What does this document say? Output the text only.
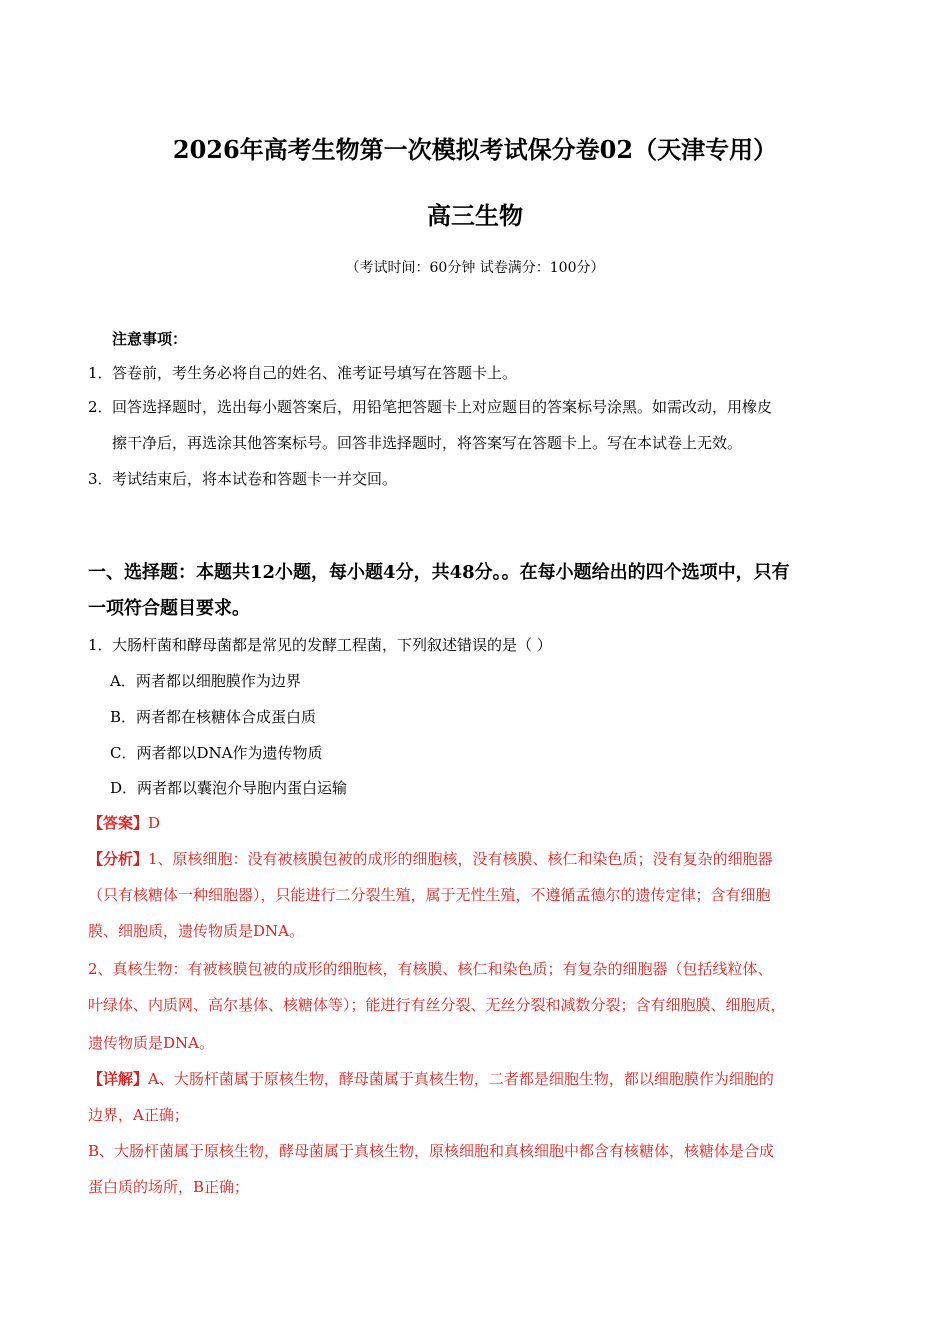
2026年高考生物第一次模拟考试保分卷02（天津专用）
高三生物
（考试时间：60分钟 试卷满分：100分）
注意事项：
1．答卷前，考生务必将自己的姓名、准考证号填写在答题卡上。
2．回答选择题时，选出每小题答案后，用铅笔把答题卡上对应题目的答案标号涂黑。如需改动，用橡皮
擦干净后，再选涂其他答案标号。回答非选择题时，将答案写在答题卡上。写在本试卷上无效。
3．考试结束后，将本试卷和答题卡一并交回。
一、选择题：本题共12小题，每小题4分，共48分。。在每小题给出的四个选项中，只有
一项符合题目要求。
1．大肠杆菌和酵母菌都是常见的发酵工程菌，下列叙述错误的是（ ）
A．两者都以细胞膜作为边界
B．两者都在核糖体合成蛋白质
C．两者都以DNA作为遗传物质
D．两者都以囊泡介导胞内蛋白运输
【答案】D
【分析】1、原核细胞：没有被核膜包被的成形的细胞核，没有核膜、核仁和染色质；没有复杂的细胞器
（只有核糖体一种细胞器），只能进行二分裂生殖，属于无性生殖，不遵循孟德尔的遗传定律；含有细胞
膜、细胞质，遗传物质是DNA。
2、真核生物：有被核膜包被的成形的细胞核，有核膜、核仁和染色质；有复杂的细胞器（包括线粒体、
叶绿体、内质网、高尔基体、核糖体等）；能进行有丝分裂、无丝分裂和减数分裂；含有细胞膜、细胞质，
遗传物质是DNA。
【详解】A、大肠杆菌属于原核生物，酵母菌属于真核生物，二者都是细胞生物，都以细胞膜作为细胞的
边界，A正确；
B、大肠杆菌属于原核生物，酵母菌属于真核生物，原核细胞和真核细胞中都含有核糖体，核糖体是合成
蛋白质的场所，B正确；
